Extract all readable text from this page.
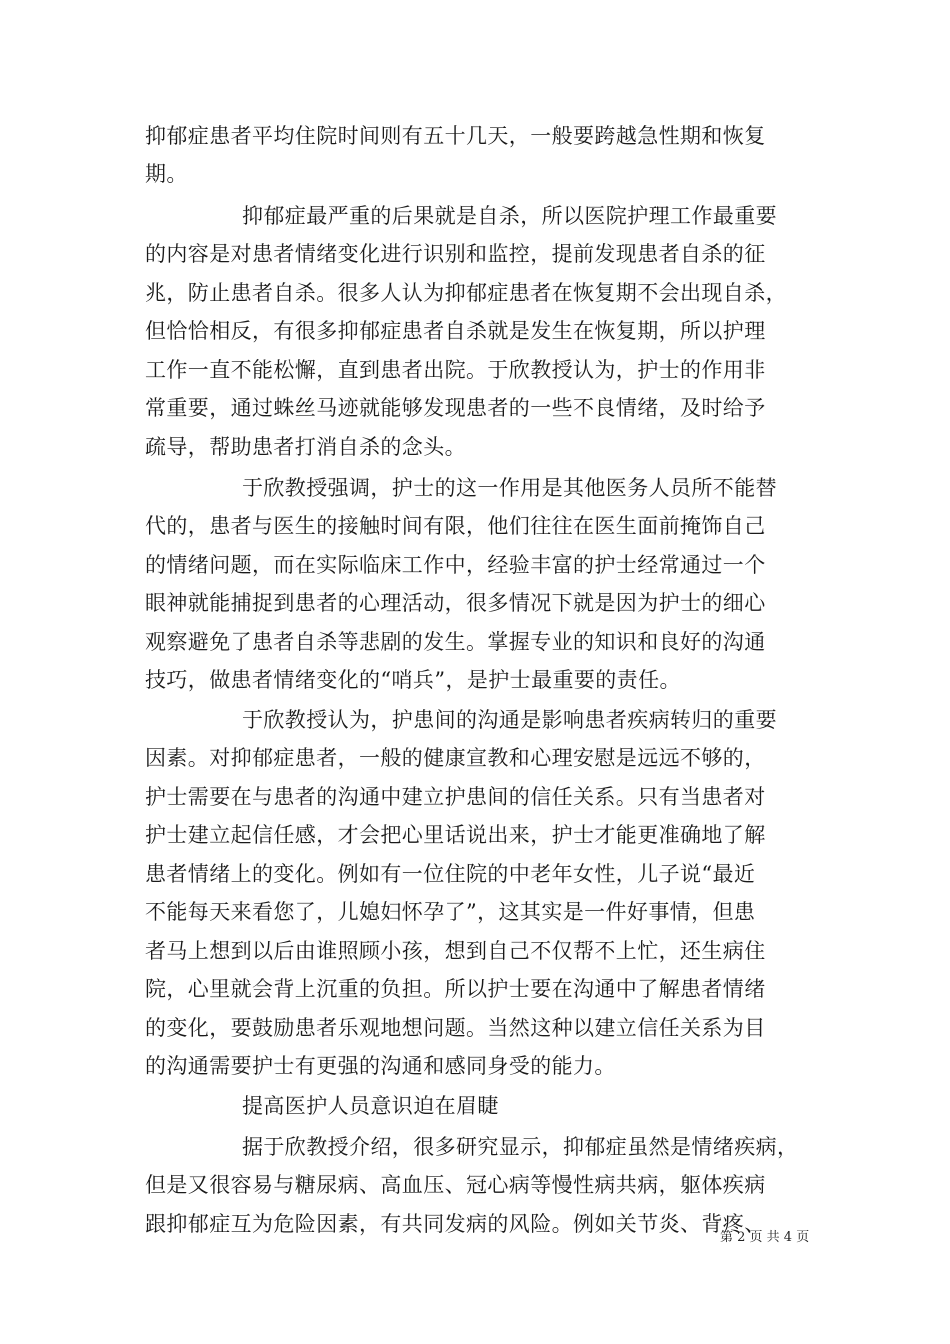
抑郁症患者平均住院时间则有五十几天，一般要跨越急性期和恢复
期。
抑郁症最严重的后果就是自杀，所以医院护理工作最重要
的内容是对患者情绪变化进行识别和监控，提前发现患者自杀的征
兆，防止患者自杀。很多人认为抑郁症患者在恢复期不会出现自杀，
但恰恰相反，有很多抑郁症患者自杀就是发生在恢复期，所以护理
工作一直不能松懈，直到患者出院。于欣教授认为，护士的作用非
常重要，通过蛛丝马迹就能够发现患者的一些不良情绪，及时给予
疏导，帮助患者打消自杀的念头。
于欣教授强调，护士的这一作用是其他医务人员所不能替
代的，患者与医生的接触时间有限，他们往往在医生面前掩饰自己
的情绪问题，而在实际临床工作中，经验丰富的护士经常通过一个
眼神就能捕捉到患者的心理活动，很多情况下就是因为护士的细心
观察避免了患者自杀等悲剧的发生。掌握专业的知识和良好的沟通
技巧，做患者情绪变化的“哨兵”，是护士最重要的责任。
于欣教授认为，护患间的沟通是影响患者疾病转归的重要
因素。对抑郁症患者，一般的健康宣教和心理安慰是远远不够的，
护士需要在与患者的沟通中建立护患间的信任关系。只有当患者对
护士建立起信任感，才会把心里话说出来，护士才能更准确地了解
患者情绪上的变化。例如有一位住院的中老年女性，儿子说“最近
不能每天来看您了，儿媳妇怀孕了”，这其实是一件好事情，但患
者马上想到以后由谁照顾小孩，想到自己不仅帮不上忙，还生病住
院，心里就会背上沉重的负担。所以护士要在沟通中了解患者情绪
的变化，要鼓励患者乐观地想问题。当然这种以建立信任关系为目
的沟通需要护士有更强的沟通和感同身受的能力。
提高医护人员意识迫在眉睫
据于欣教授介绍，很多研究显示，抑郁症虽然是情绪疾病，
但是又很容易与糖尿病、高血压、冠心病等慢性病共病，躯体疾病
跟抑郁症互为危险因素，有共同发病的风险。例如关节炎、背疼、
第 2 页 共 4 页
